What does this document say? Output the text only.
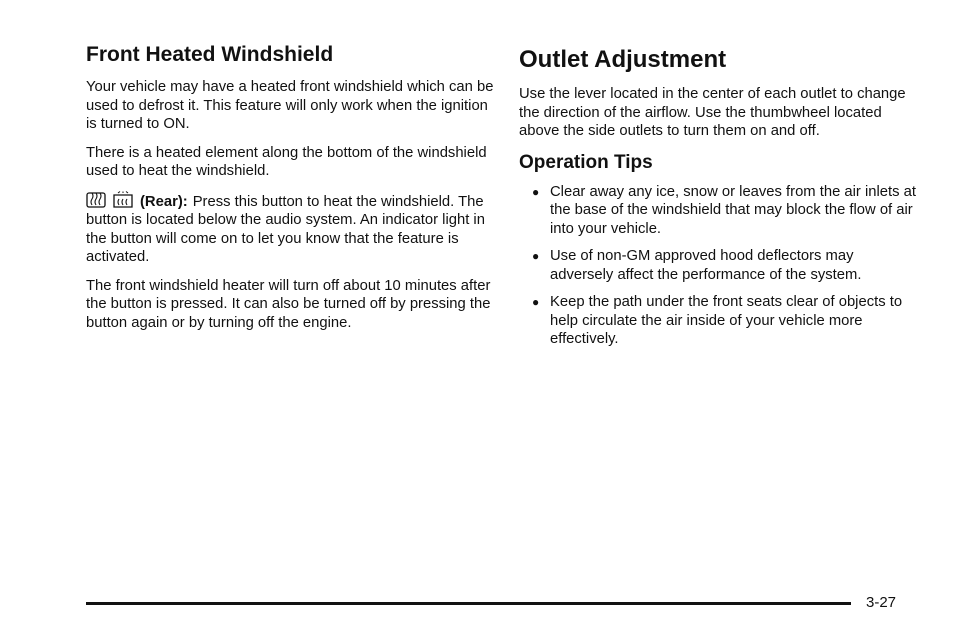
Front Heated Windshield

Your vehicle may have a heated front windshield which can be used to defrost it. This feature will only work when the ignition is turned to ON.

There is a heated element along the bottom of the windshield used to heat the windshield.

(Rear): Press this button to heat the windshield. The button is located below the audio system. An indicator light in the button will come on to let you know that the feature is activated.

The front windshield heater will turn off about 10 minutes after the button is pressed. It can also be turned off by pressing the button again or by turning off the engine.

Outlet Adjustment

Use the lever located in the center of each outlet to change the direction of the airflow. Use the thumbwheel located above the side outlets to turn them on and off.

Operation Tips
● Clear away any ice, snow or leaves from the air inlets at the base of the windshield that may block the flow of air into your vehicle.
● Use of non-GM approved hood deflectors may adversely affect the performance of the system.
● Keep the path under the front seats clear of objects to help circulate the air inside of your vehicle more effectively.
3-27
